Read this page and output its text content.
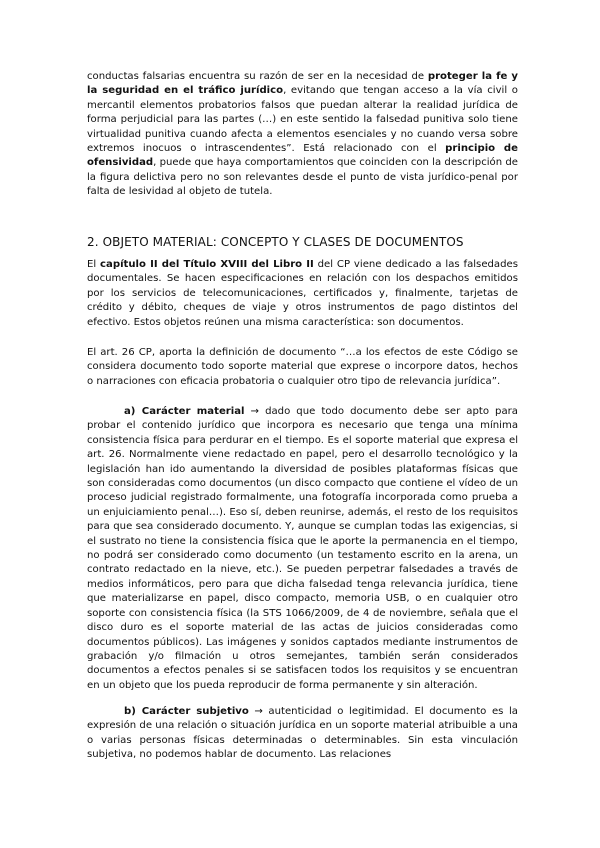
conductas falsarias encuentra su razón de ser en la necesidad de proteger la fe y la seguridad en el tráfico jurídico, evitando que tengan acceso a la vía civil o mercantil elementos probatorios falsos que puedan alterar la realidad jurídica de forma perjudicial para las partes (…) en este sentido la falsedad punitiva solo tiene virtualidad punitiva cuando afecta a elementos esenciales y no cuando versa sobre extremos inocuos o intrascendentes”. Está relacionado con el principio de ofensividad, puede que haya comportamientos que coinciden con la descripción de la figura delictiva pero no son relevantes desde el punto de vista jurídico-penal por falta de lesividad al objeto de tutela.

2. OBJETO MATERIAL: CONCEPTO Y CLASES DE DOCUMENTOS

El capítulo II del Título XVIII del Libro II del CP viene dedicado a las falsedades documentales. Se hacen especificaciones en relación con los despachos emitidos por los servicios de telecomunicaciones, certificados y, finalmente, tarjetas de crédito y débito, cheques de viaje y otros instrumentos de pago distintos del efectivo. Estos objetos reúnen una misma característica: son documentos.

El art. 26 CP, aporta la definición de documento “…a los efectos de este Código se considera documento todo soporte material que exprese o incorpore datos, hechos o narraciones con eficacia probatoria o cualquier otro tipo de relevancia jurídica”.

a) Carácter material → dado que todo documento debe ser apto para probar el contenido jurídico que incorpora es necesario que tenga una mínima consistencia física para perdurar en el tiempo. Es el soporte material que expresa el art. 26. Normalmente viene redactado en papel, pero el desarrollo tecnológico y la legislación han ido aumentando la diversidad de posibles plataformas físicas que son consideradas como documentos (un disco compacto que contiene el vídeo de un proceso judicial registrado formalmente, una fotografía incorporada como prueba a un enjuiciamiento penal…). Eso sí, deben reunirse, además, el resto de los requisitos para que sea considerado documento. Y, aunque se cumplan todas las exigencias, si el sustrato no tiene la consistencia física que le aporte la permanencia en el tiempo, no podrá ser considerado como documento (un testamento escrito en la arena, un contrato redactado en la nieve, etc.). Se pueden perpetrar falsedades a través de medios informáticos, pero para que dicha falsedad tenga relevancia jurídica, tiene que materializarse en papel, disco compacto, memoria USB, o en cualquier otro soporte con consistencia física (la STS 1066/2009, de 4 de noviembre, señala que el disco duro es el soporte material de las actas de juicios consideradas como documentos públicos). Las imágenes y sonidos captados mediante instrumentos de grabación y/o filmación u otros semejantes, también serán considerados documentos a efectos penales si se satisfacen todos los requisitos y se encuentran en un objeto que los pueda reproducir de forma permanente y sin alteración.

b) Carácter subjetivo → autenticidad o legitimidad. El documento es la expresión de una relación o situación jurídica en un soporte material atribuible a una o varias personas físicas determinadas o determinables. Sin esta vinculación subjetiva, no podemos hablar de documento. Las relaciones
